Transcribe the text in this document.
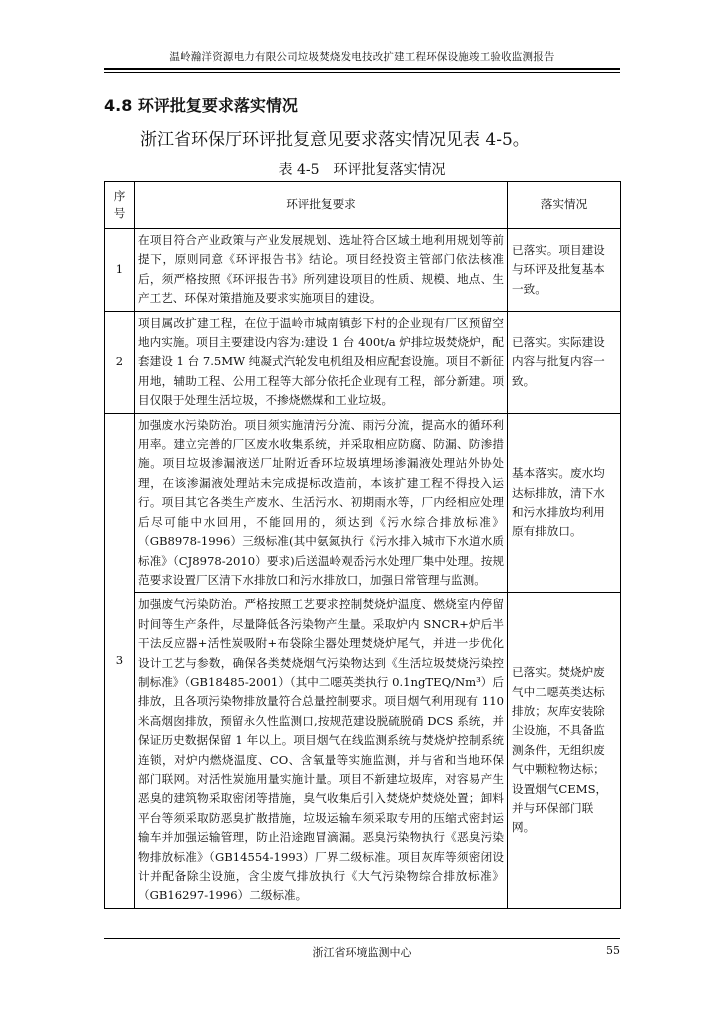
温岭瀚洋资源电力有限公司垃圾焚烧发电技改扩建工程环保设施竣工验收监测报告
4.8 环评批复要求落实情况
浙江省环保厅环评批复意见要求落实情况见表 4-5。
表 4-5　环评批复落实情况
序号	环评批复要求	落实情况
1	在项目符合产业政策与产业发展规划、选址符合区域土地利用规划等前提下，原则同意《环评报告书》结论。项目经投资主管部门依法核准后，须严格按照《环评报告书》所列建设项目的性质、规模、地点、生产工艺、环保对策措施及要求实施项目的建设。	已落实。项目建设与环评及批复基本一致。
2	项目属改扩建工程，在位于温岭市城南镇彭下村的企业现有厂区预留空地内实施。项目主要建设内容为:建设 1 台 400t/a 炉排垃圾焚烧炉，配套建设 1 台 7.5MW 纯凝式汽轮发电机组及相应配套设施。项目不新征用地，辅助工程、公用工程等大部分依托企业现有工程，部分新建。项目仅限于处理生活垃圾，不掺烧燃煤和工业垃圾。	已落实。实际建设内容与批复内容一致。
3	加强废水污染防治。项目须实施清污分流、雨污分流，提高水的循环利用率。建立完善的厂区废水收集系统，并采取相应防腐、防漏、防渗措施。项目垃圾渗漏液送厂址附近香环垃圾填埋场渗漏液处理站外协处理，在该渗漏液处理站未完成提标改造前，本该扩建工程不得投入运行。项目其它各类生产废水、生活污水、初期雨水等，厂内经相应处理后尽可能中水回用，不能回用的，须达到《污水综合排放标准》（GB8978-1996）三级标准(其中氨氮执行《污水排入城市下水道水质标准》（CJ8978-2010）要求)后送温岭观岙污水处理厂集中处理。按规范要求设置厂区清下水排放口和污水排放口，加强日常管理与监测。	基本落实。废水均达标排放，清下水和污水排放均利用原有排放口。
	加强废气污染防治。严格按照工艺要求控制焚烧炉温度、燃烧室内停留时间等生产条件，尽量降低各污染物产生量。采取炉内 SNCR+炉后半干法反应器+活性炭吸附+布袋除尘器处理焚烧炉尾气，并进一步优化设计工艺与参数，确保各类焚烧烟气污染物达到《生活垃圾焚烧污染控制标准》（GB18485-2001）（其中二噁英类执行 0.1ngTEQ/Nm³）后排放，且各项污染物排放量符合总量控制要求。项目烟气利用现有 110 米高烟囱排放，预留永久性监测口,按规范建设脱硫脱硝 DCS 系统，并保证历史数据保留 1 年以上。项目烟气在线监测系统与焚烧炉控制系统连锁，对炉内燃烧温度、CO、含氧量等实施监测，并与省和当地环保部门联网。对活性炭施用量实施计量。项目不新建垃圾库，对容易产生恶臭的建筑物采取密闭等措施，臭气收集后引入焚烧炉焚烧处置；卸料平台等须采取防恶臭扩散措施，垃圾运输车须采取专用的压缩式密封运输车并加强运输管理，防止沿途跑冒滴漏。恶臭污染物执行《恶臭污染物排放标准》（GB14554-1993）厂界二级标准。项目灰库等须密闭设计并配备除尘设施，含尘废气排放执行《大气污染物综合排放标准》（GB16297-1996）二级标准。	已落实。焚烧炉废气中二噁英类达标排放；灰库安装除尘设施，不具备监测条件，无组织废气中颗粒物达标；设置烟气CEMS，并与环保部门联网。
浙江省环境监测中心	55
